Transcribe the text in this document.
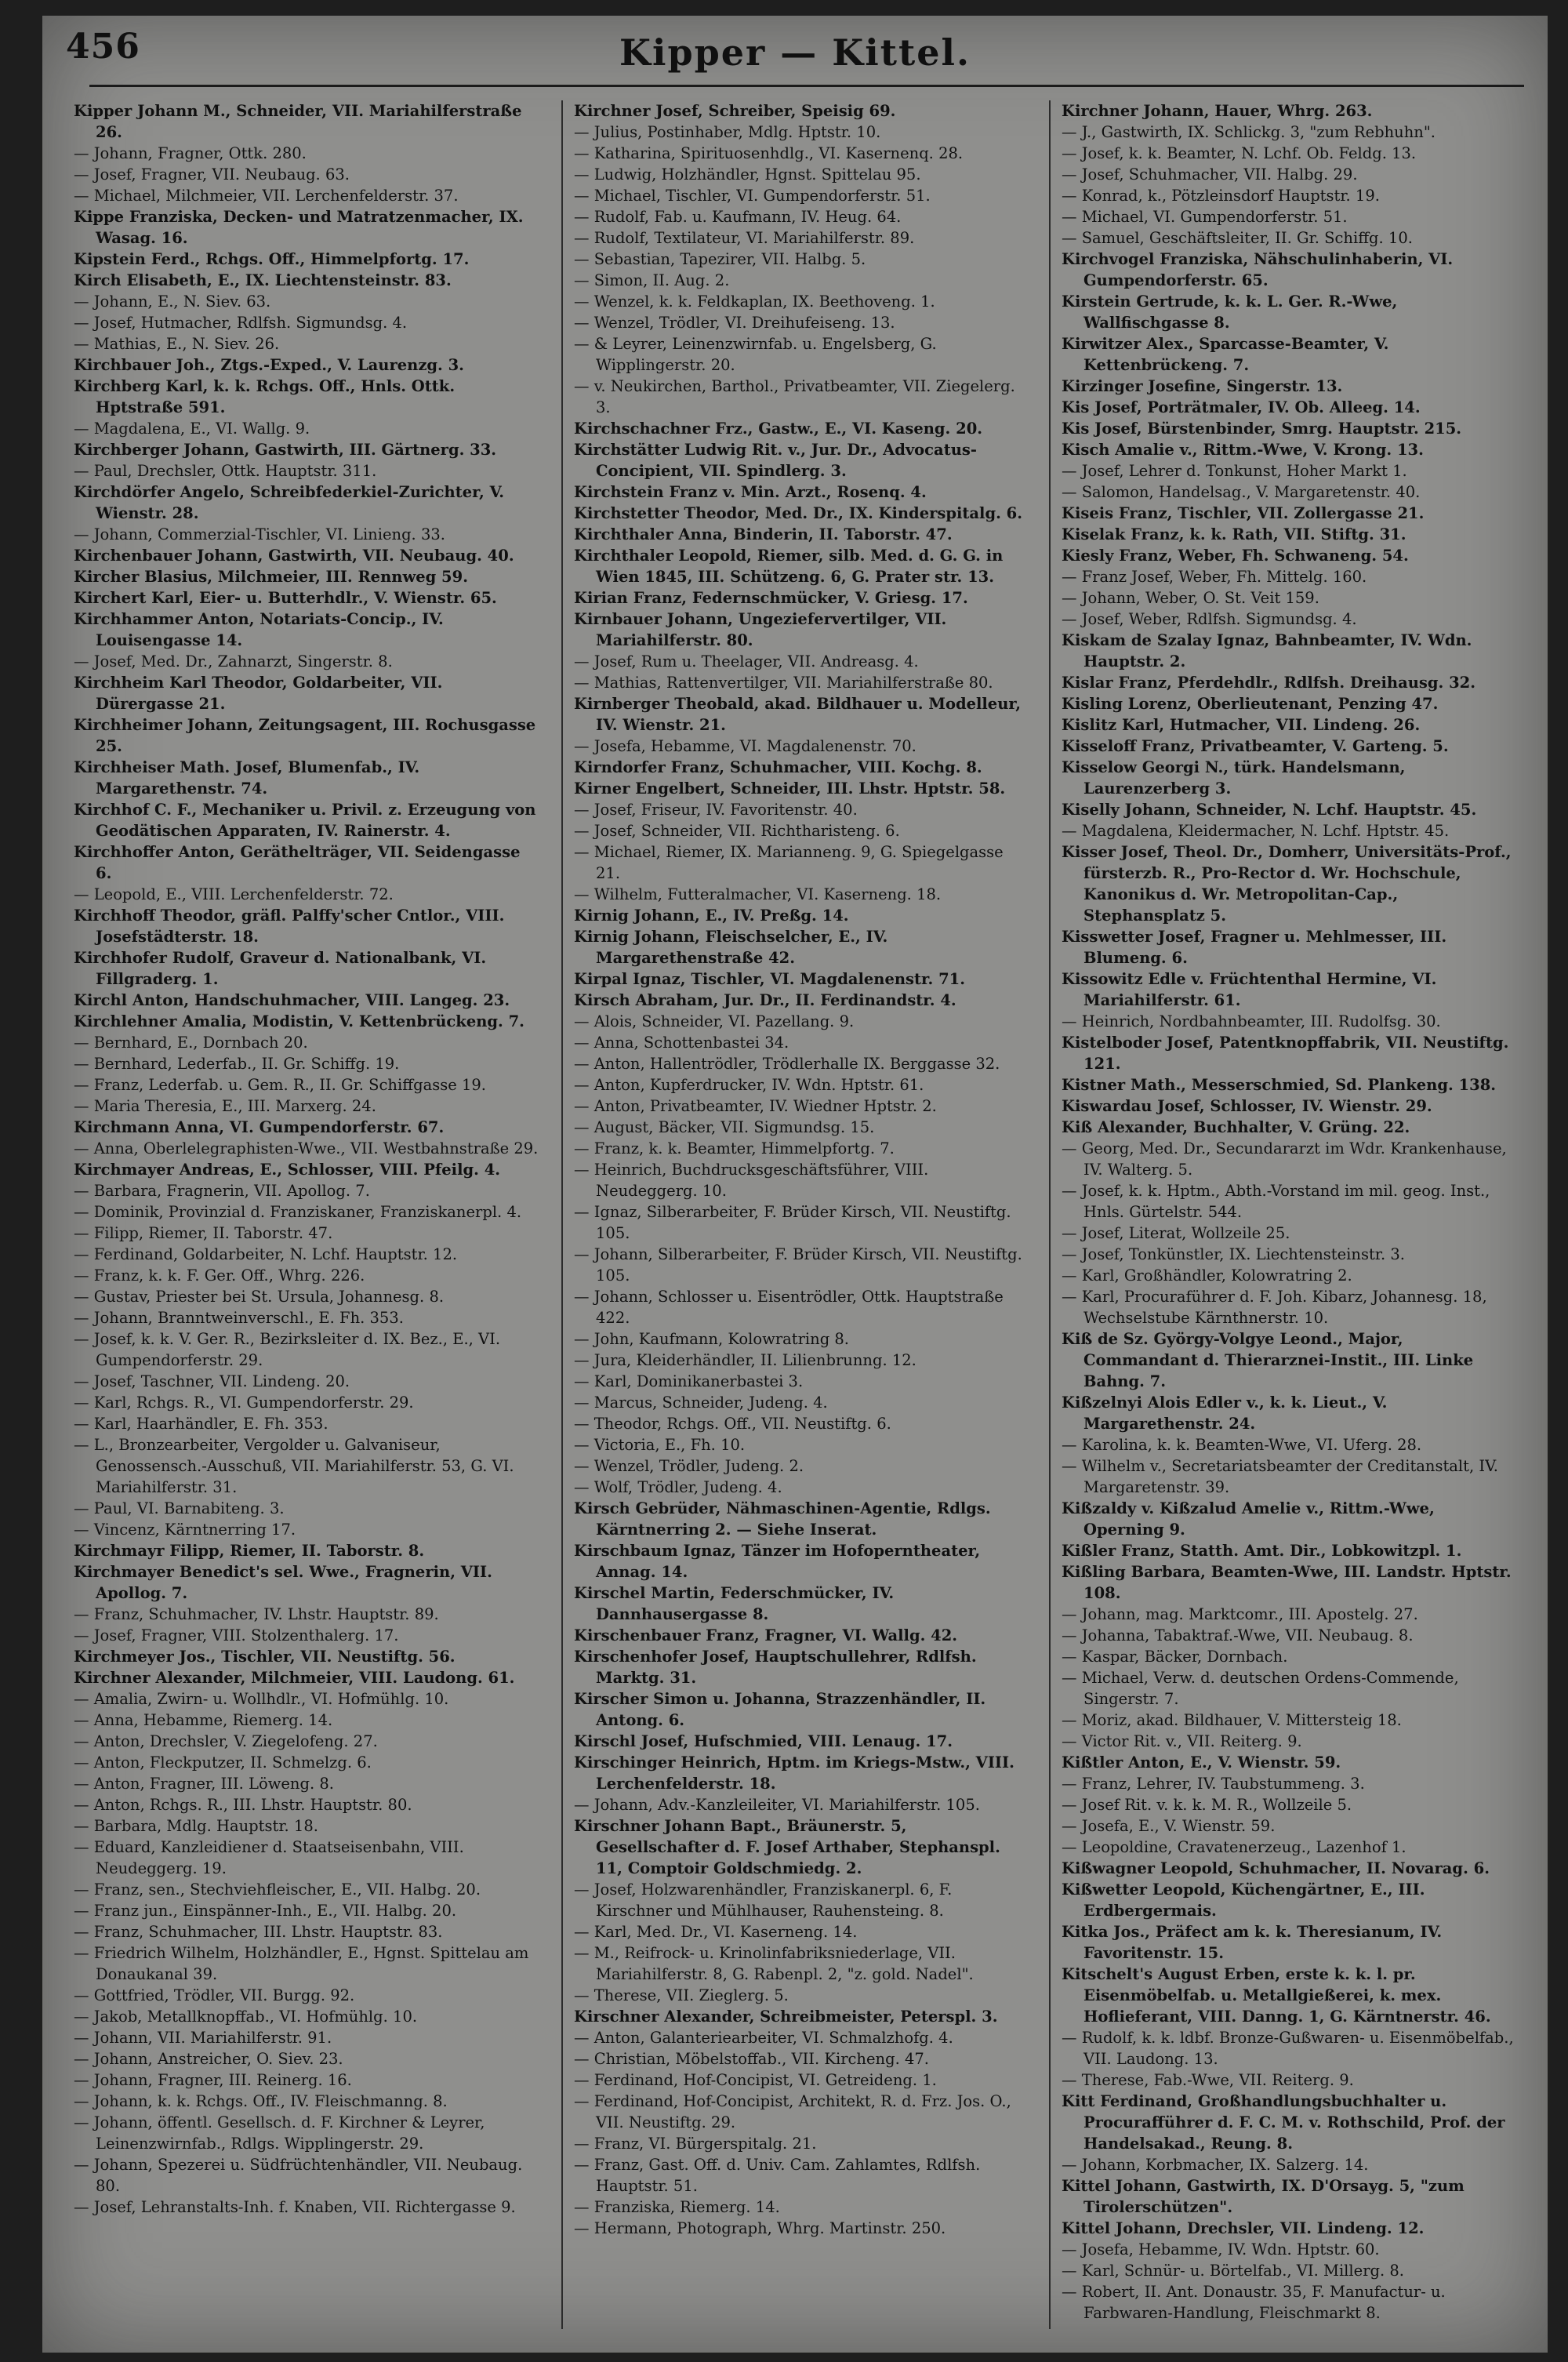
456	Kipper — Kittel.
Kipper Johann M., Schneider, VII. Mariahilferstraße 26.
— Johann, Fragner, Ottk. 280.
— Josef, Fragner, VII. Neubaug. 63.
— Michael, Milchmeier, VII. Lerchenfelderstr. 37.
Kippe Franziska, Decken- und Matratzenmacher, IX. Wasag. 16.
Kipstein Ferd., Rchgs. Off., Himmelpfortg. 17.
Kirch Elisabeth, E., IX. Liechtensteinstr. 83.
— Johann, E., N. Siev. 63.
— Josef, Hutmacher, Rdlfsh. Sigmundsg. 4.
— Mathias, E., N. Siev. 26.
Kirchbauer Joh., Ztgs.-Exped., V. Laurenzg. 3.
Kirchberg Karl, k. k. Rchgs. Off., Hnls. Ottk. Hptstraße 591.
— Magdalena, E., VI. Wallg. 9.
Kirchberger Johann, Gastwirth, III. Gärtnerg. 33.
— Paul, Drechsler, Ottk. Hauptstr. 311.
Kirchdörfer Angelo, Schreibfederkiel-Zurichter, V. Wienstr. 28.
— Johann, Commerzial-Tischler, VI. Linieng. 33.
Kirchenbauer Johann, Gastwirth, VII. Neubaug. 40.
Kircher Blasius, Milchmeier, III. Rennweg 59.
Kirchert Karl, Eier- u. Butterhdlr., V. Wienstr. 65.
Kirchhammer Anton, Notariats-Concip., IV. Louisengasse 14.
— Josef, Med. Dr., Zahnarzt, Singerstr. 8.
Kirchheim Karl Theodor, Goldarbeiter, VII. Dürergasse 21.
Kirchheimer Johann, Zeitungsagent, III. Rochusgasse 25.
Kirchheiser Math. Josef, Blumenfab., IV. Margarethenstr. 74.
Kirchhof C. F., Mechaniker u. Privil. z. Erzeugung von Geodätischen Apparaten, IV. Rainerstr. 4.
Kirchhoffer Anton, Geräthelträger, VII. Seidengasse 6.
— Leopold, E., VIII. Lerchenfelderstr. 72.
Kirchhoff Theodor, gräfl. Palffy'scher Cntlor., VIII. Josefstädterstr. 18.
Kirchhofer Rudolf, Graveur d. Nationalbank, VI. Fillgraderg. 1.
Kirchl Anton, Handschuhmacher, VIII. Langeg. 23.
Kirchlehner Amalia, Modistin, V. Kettenbrückeng. 7.
— Bernhard, E., Dornbach 20.
— Bernhard, Lederfab., II. Gr. Schiffg. 19.
— Franz, Lederfab. u. Gem. R., II. Gr. Schiffgasse 19.
— Maria Theresia, E., III. Marxerg. 24.
Kirchmann Anna, VI. Gumpendorferstr. 67.
— Anna, Oberlelegraphisten-Wwe., VII. Westbahnstraße 29.
Kirchmayer Andreas, E., Schlosser, VIII. Pfeilg. 4.
— Barbara, Fragnerin, VII. Apollog. 7.
— Dominik, Provinzial d. Franziskaner, Franziskanerpl. 4.
— Filipp, Riemer, II. Taborstr. 47.
— Ferdinand, Goldarbeiter, N. Lchf. Hauptstr. 12.
— Franz, k. k. F. Ger. Off., Whrg. 226.
— Gustav, Priester bei St. Ursula, Johannesg. 8.
— Johann, Branntweinverschl., E. Fh. 353.
— Josef, k. k. V. Ger. R., Bezirksleiter d. IX. Bez., E., VI. Gumpendorferstr. 29.
— Josef, Taschner, VII. Lindeng. 20.
— Karl, Rchgs. R., VI. Gumpendorferstr. 29.
— Karl, Haarhändler, E. Fh. 353.
— L., Bronzearbeiter, Vergolder u. Galvaniseur, Genossensch.-Ausschuß, VII. Mariahilferstr. 53, G. VI. Mariahilferstr. 31.
— Paul, VI. Barnabiteng. 3.
— Vincenz, Kärntnerring 17.
Kirchmayr Filipp, Riemer, II. Taborstr. 8.
Kirchmayer Benedict's sel. Wwe., Fragnerin, VII. Apollog. 7.
— Franz, Schuhmacher, IV. Lhstr. Hauptstr. 89.
— Josef, Fragner, VIII. Stolzenthalerg. 17.
Kirchmeyer Jos., Tischler, VII. Neustiftg. 56.
Kirchner Alexander, Milchmeier, VIII. Laudong. 61.
— Amalia, Zwirn- u. Wollhdlr., VI. Hofmühlg. 10.
— Anna, Hebamme, Riemerg. 14.
— Anton, Drechsler, V. Ziegelofeng. 27.
— Anton, Fleckputzer, II. Schmelzg. 6.
— Anton, Fragner, III. Löweng. 8.
— Anton, Rchgs. R., III. Lhstr. Hauptstr. 80.
— Barbara, Mdlg. Hauptstr. 18.
— Eduard, Kanzleidiener d. Staatseisenbahn, VIII. Neudeggerg. 19.
— Franz, sen., Stechviehfleischer, E., VII. Halbg. 20.
— Franz jun., Einspänner-Inh., E., VII. Halbg. 20.
— Franz, Schuhmacher, III. Lhstr. Hauptstr. 83.
— Friedrich Wilhelm, Holzhändler, E., Hgnst. Spittelau am Donaukanal 39.
— Gottfried, Trödler, VII. Burgg. 92.
— Jakob, Metallknopffab., VI. Hofmühlg. 10.
— Johann, VII. Mariahilferstr. 91.
— Johann, Anstreicher, O. Siev. 23.
— Johann, Fragner, III. Reinerg. 16.
— Johann, k. k. Rchgs. Off., IV. Fleischmanng. 8.
— Johann, öffentl. Gesellsch. d. F. Kirchner & Leyrer, Leinenzwirnfab., Rdlgs. Wipplingerstr. 29.
— Johann, Spezerei u. Südfrüchtenhändler, VII. Neubaug. 80.
— Josef, Lehranstalts-Inh. f. Knaben, VII. Richtergasse 9.
Kirchner Josef, Schreiber, Speisig 69.
— Julius, Postinhaber, Mdlg. Hptstr. 10.
— Katharina, Spirituosenhdlg., VI. Kasernenq. 28.
— Ludwig, Holzhändler, Hgnst. Spittelau 95.
— Michael, Tischler, VI. Gumpendorferstr. 51.
— Rudolf, Fab. u. Kaufmann, IV. Heug. 64.
— Rudolf, Textilateur, VI. Mariahilferstr. 89.
— Sebastian, Tapezirer, VII. Halbg. 5.
— Simon, II. Aug. 2.
— Wenzel, k. k. Feldkaplan, IX. Beethoveng. 1.
— Wenzel, Trödler, VI. Dreihufeiseng. 13.
— & Leyrer, Leinenzwirnfab. u. Engelsberg, G. Wipplingerstr. 20.
— v. Neukirchen, Barthol., Privatbeamter, VII. Ziegelerg. 3.
Kirchschachner Frz., Gastw., E., VI. Kaseng. 20.
Kirchstätter Ludwig Rit. v., Jur. Dr., Advocatus-Concipient, VII. Spindlerg. 3.
Kirchstein Franz v. Min. Arzt., Rosenq. 4.
Kirchstetter Theodor, Med. Dr., IX. Kinderspitalg. 6.
Kirchthaler Anna, Binderin, II. Taborstr. 47.
Kirchthaler Leopold, Riemer, silb. Med. d. G. G. in Wien 1845, III. Schützeng. 6, G. Prater str. 13.
Kirian Franz, Federnschmücker, V. Griesg. 17.
Kirnbauer Johann, Ungeziefervertilger, VII. Mariahilferstr. 80.
— Josef, Rum u. Theelager, VII. Andreasg. 4.
— Mathias, Rattenvertilger, VII. Mariahilferstraße 80.
Kirnberger Theobald, akad. Bildhauer u. Modelleur, IV. Wienstr. 21.
— Josefa, Hebamme, VI. Magdalenenstr. 70.
Kirndorfer Franz, Schuhmacher, VIII. Kochg. 8.
Kirner Engelbert, Schneider, III. Lhstr. Hptstr. 58.
— Josef, Friseur, IV. Favoritenstr. 40.
— Josef, Schneider, VII. Richtharisteng. 6.
— Michael, Riemer, IX. Marianneng. 9, G. Spiegelgasse 21.
— Wilhelm, Futteralmacher, VI. Kaserneng. 18.
Kirnig Johann, E., IV. Preßg. 14.
Kirnig Johann, Fleischselcher, E., IV. Margarethenstraße 42.
Kirpal Ignaz, Tischler, VI. Magdalenenstr. 71.
Kirsch Abraham, Jur. Dr., II. Ferdinandstr. 4.
— Alois, Schneider, VI. Pazellang. 9.
— Anna, Schottenbastei 34.
— Anton, Hallentrödler, Trödlerhalle IX. Berggasse 32.
— Anton, Kupferdrucker, IV. Wdn. Hptstr. 61.
— Anton, Privatbeamter, IV. Wiedner Hptstr. 2.
— August, Bäcker, VII. Sigmundsg. 15.
— Franz, k. k. Beamter, Himmelpfortg. 7.
— Heinrich, Buchdrucksgeschäftsführer, VIII. Neudeggerg. 10.
— Ignaz, Silberarbeiter, F. Brüder Kirsch, VII. Neustiftg. 105.
— Johann, Silberarbeiter, F. Brüder Kirsch, VII. Neustiftg. 105.
— Johann, Schlosser u. Eisentrödler, Ottk. Hauptstraße 422.
— John, Kaufmann, Kolowratring 8.
— Jura, Kleiderhändler, II. Lilienbrunng. 12.
— Karl, Dominikanerbastei 3.
— Marcus, Schneider, Judeng. 4.
— Theodor, Rchgs. Off., VII. Neustiftg. 6.
— Victoria, E., Fh. 10.
— Wenzel, Trödler, Judeng. 2.
— Wolf, Trödler, Judeng. 4.
Kirsch Gebrüder, Nähmaschinen-Agentie, Rdlgs. Kärntnerring 2. — Siehe Inserat.
Kirschbaum Ignaz, Tänzer im Hofoperntheater, Annag. 14.
Kirschel Martin, Federschmücker, IV. Dannhausergasse 8.
Kirschenbauer Franz, Fragner, VI. Wallg. 42.
Kirschenhofer Josef, Hauptschullehrer, Rdlfsh. Marktg. 31.
Kirscher Simon u. Johanna, Strazzenhändler, II. Antong. 6.
Kirschl Josef, Hufschmied, VIII. Lenaug. 17.
Kirschinger Heinrich, Hptm. im Kriegs-Mstw., VIII. Lerchenfelderstr. 18.
— Johann, Adv.-Kanzleileiter, VI. Mariahilferstr. 105.
Kirschner Johann Bapt., Bräunerstr. 5, Gesellschafter d. F. Josef Arthaber, Stephanspl. 11, Comptoir Goldschmiedg. 2.
— Josef, Holzwarenhändler, Franziskanerpl. 6, F. Kirschner und Mühlhauser, Rauhensteing. 8.
— Karl, Med. Dr., VI. Kaserneng. 14.
— M., Reifrock- u. Krinolinfabriksniederlage, VII. Mariahilferstr. 8, G. Rabenpl. 2, "z. gold. Nadel".
— Therese, VII. Zieglerg. 5.
Kirschner Alexander, Schreibmeister, Peterspl. 3.
— Anton, Galanteriearbeiter, VI. Schmalzhofg. 4.
— Christian, Möbelstoffab., VII. Kircheng. 47.
— Ferdinand, Hof-Concipist, VI. Getreideng. 1.
— Ferdinand, Hof-Concipist, Architekt, R. d. Frz. Jos. O., VII. Neustiftg. 29.
— Franz, VI. Bürgerspitalg. 21.
— Franz, Gast. Off. d. Univ. Cam. Zahlamtes, Rdlfsh. Hauptstr. 51.
— Franziska, Riemerg. 14.
— Hermann, Photograph, Whrg. Martinstr. 250.
Kirchner Johann, Hauer, Whrg. 263.
— J., Gastwirth, IX. Schlickg. 3, "zum Rebhuhn".
— Josef, k. k. Beamter, N. Lchf. Ob. Feldg. 13.
— Josef, Schuhmacher, VII. Halbg. 29.
— Konrad, k., Pötzleinsdorf Hauptstr. 19.
— Michael, VI. Gumpendorferstr. 51.
— Samuel, Geschäftsleiter, II. Gr. Schiffg. 10.
Kirchvogel Franziska, Nähschulinhaberin, VI. Gumpendorferstr. 65.
Kirstein Gertrude, k. k. L. Ger. R.-Wwe, Wallfischgasse 8.
Kirwitzer Alex., Sparcasse-Beamter, V. Kettenbrückeng. 7.
Kirzinger Josefine, Singerstr. 13.
Kis Josef, Porträtmaler, IV. Ob. Alleeg. 14.
Kis Josef, Bürstenbinder, Smrg. Hauptstr. 215.
Kisch Amalie v., Rittm.-Wwe, V. Krong. 13.
— Josef, Lehrer d. Tonkunst, Hoher Markt 1.
— Salomon, Handelsag., V. Margaretenstr. 40.
Kiseis Franz, Tischler, VII. Zollergasse 21.
Kiselak Franz, k. k. Rath, VII. Stiftg. 31.
Kiesly Franz, Weber, Fh. Schwaneng. 54.
— Franz Josef, Weber, Fh. Mittelg. 160.
— Johann, Weber, O. St. Veit 159.
— Josef, Weber, Rdlfsh. Sigmundsg. 4.
Kiskam de Szalay Ignaz, Bahnbeamter, IV. Wdn. Hauptstr. 2.
Kislar Franz, Pferdehdlr., Rdlfsh. Dreihausg. 32.
Kisling Lorenz, Oberlieutenant, Penzing 47.
Kislitz Karl, Hutmacher, VII. Lindeng. 26.
Kisseloff Franz, Privatbeamter, V. Garteng. 5.
Kisselow Georgi N., türk. Handelsmann, Laurenzerberg 3.
Kiselly Johann, Schneider, N. Lchf. Hauptstr. 45.
— Magdalena, Kleidermacher, N. Lchf. Hptstr. 45.
Kisser Josef, Theol. Dr., Domherr, Universitäts-Prof., fürsterzb. R., Pro-Rector d. Wr. Hochschule, Kanonikus d. Wr. Metropolitan-Cap., Stephansplatz 5.
Kisswetter Josef, Fragner u. Mehlmesser, III. Blumeng. 6.
Kissowitz Edle v. Früchtenthal Hermine, VI. Mariahilferstr. 61.
— Heinrich, Nordbahnbeamter, III. Rudolfsg. 30.
Kistelboder Josef, Patentknopffabrik, VII. Neustiftg. 121.
Kistner Math., Messerschmied, Sd. Plankeng. 138.
Kiswardau Josef, Schlosser, IV. Wienstr. 29.
Kiß Alexander, Buchhalter, V. Grüng. 22.
— Georg, Med. Dr., Secundararzt im Wdr. Krankenhause, IV. Walterg. 5.
— Josef, k. k. Hptm., Abth.-Vorstand im mil. geog. Inst., Hnls. Gürtelstr. 544.
— Josef, Literat, Wollzeile 25.
— Josef, Tonkünstler, IX. Liechtensteinstr. 3.
— Karl, Großhändler, Kolowratring 2.
— Karl, Procuraführer d. F. Joh. Kibarz, Johannesg. 18, Wechselstube Kärnthnerstr. 10.
Kiß de Sz. György-Volgye Leond., Major, Commandant d. Thierarznei-Instit., III. Linke Bahng. 7.
Kißzelnyi Alois Edler v., k. k. Lieut., V. Margarethenstr. 24.
— Karolina, k. k. Beamten-Wwe, VI. Uferg. 28.
— Wilhelm v., Secretariatsbeamter der Creditanstalt, IV. Margaretenstr. 39.
Kißzaldy v. Kißzalud Amelie v., Rittm.-Wwe, Operning 9.
Kißler Franz, Statth. Amt. Dir., Lobkowitzpl. 1.
Kißling Barbara, Beamten-Wwe, III. Landstr. Hptstr. 108.
— Johann, mag. Marktcomr., III. Apostelg. 27.
— Johanna, Tabaktraf.-Wwe, VII. Neubaug. 8.
— Kaspar, Bäcker, Dornbach.
— Michael, Verw. d. deutschen Ordens-Commende, Singerstr. 7.
— Moriz, akad. Bildhauer, V. Mittersteig 18.
— Victor Rit. v., VII. Reiterg. 9.
Kißtler Anton, E., V. Wienstr. 59.
— Franz, Lehrer, IV. Taubstummeng. 3.
— Josef Rit. v. k. k. M. R., Wollzeile 5.
— Josefa, E., V. Wienstr. 59.
— Leopoldine, Cravatenerzeug., Lazenhof 1.
Kißwagner Leopold, Schuhmacher, II. Novarag. 6.
Kißwetter Leopold, Küchengärtner, E., III. Erdbergermais.
Kitka Jos., Präfect am k. k. Theresianum, IV. Favoritenstr. 15.
Kitschelt's August Erben, erste k. k. l. pr. Eisenmöbelfab. u. Metallgießerei, k. mex. Hoflieferant, VIII. Danng. 1, G. Kärntnerstr. 46.
— Rudolf, k. k. ldbf. Bronze-Gußwaren- u. Eisenmöbelfab., VII. Laudong. 13.
— Therese, Fab.-Wwe, VII. Reiterg. 9.
Kitt Ferdinand, Großhandlungsbuchhalter u. Procurafführer d. F. C. M. v. Rothschild, Prof. der Handelsakad., Reung. 8.
— Johann, Korbmacher, IX. Salzerg. 14.
Kittel Johann, Gastwirth, IX. D'Orsayg. 5, "zum Tirolerschützen".
Kittel Johann, Drechsler, VII. Lindeng. 12.
— Josefa, Hebamme, IV. Wdn. Hptstr. 60.
— Karl, Schnür- u. Börtelfab., VI. Millerg. 8.
— Robert, II. Ant. Donaustr. 35, F. Manufactur- u. Farbwaren-Handlung, Fleischmarkt 8.
